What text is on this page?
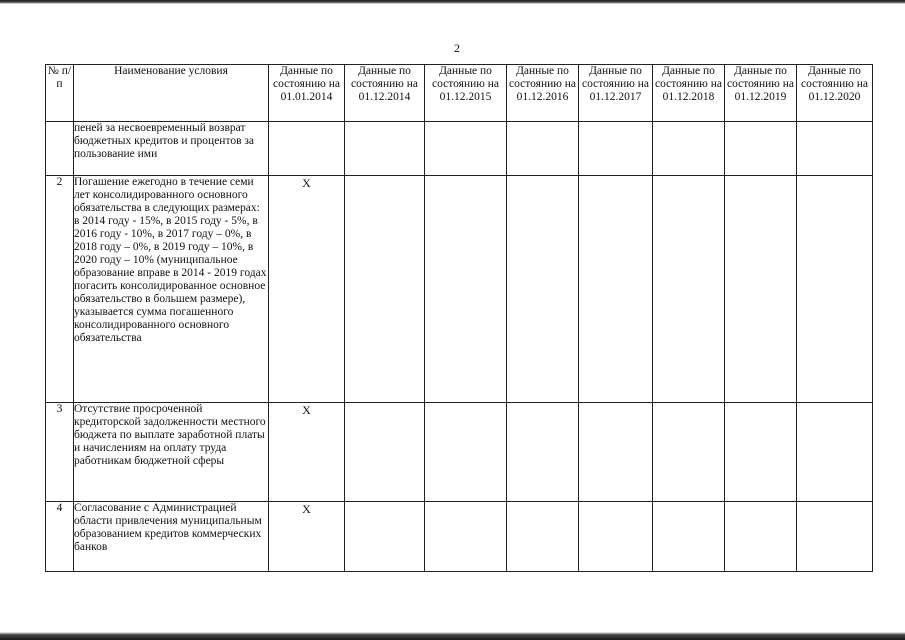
2
№ п/п	Наименование условия	Данные по состоянию на 01.01.2014	Данные по состоянию на 01.12.2014	Данные по состоянию на 01.12.2015	Данные по состоянию на 01.12.2016	Данные по состоянию на 01.12.2017	Данные по состоянию на 01.12.2018	Данные по состоянию на 01.12.2019	Данные по состоянию на 01.12.2020
	пеней за несвоевременный возврат бюджетных кредитов и процентов за пользование ими								
2	Погашение ежегодно в течение семи лет консолидированного основного обязательства в следующих размерах: в 2014 году - 15%, в 2015 году - 5%, в 2016 году - 10%, в 2017 году – 0%, в 2018 году – 0%, в 2019 году – 10%, в 2020 году – 10% (муниципальное образование вправе в 2014 - 2019 годах погасить консолидированное основное обязательство в большем размере), указывается сумма погашенного консолидированного основного обязательства	X							
3	Отсутствие просроченной кредиторской задолженности местного бюджета по выплате заработной платы и начислениям на оплату труда работникам бюджетной сферы	X							
4	Согласование с Администрацией области привлечения муниципальным образованием кредитов коммерческих банков	X							
